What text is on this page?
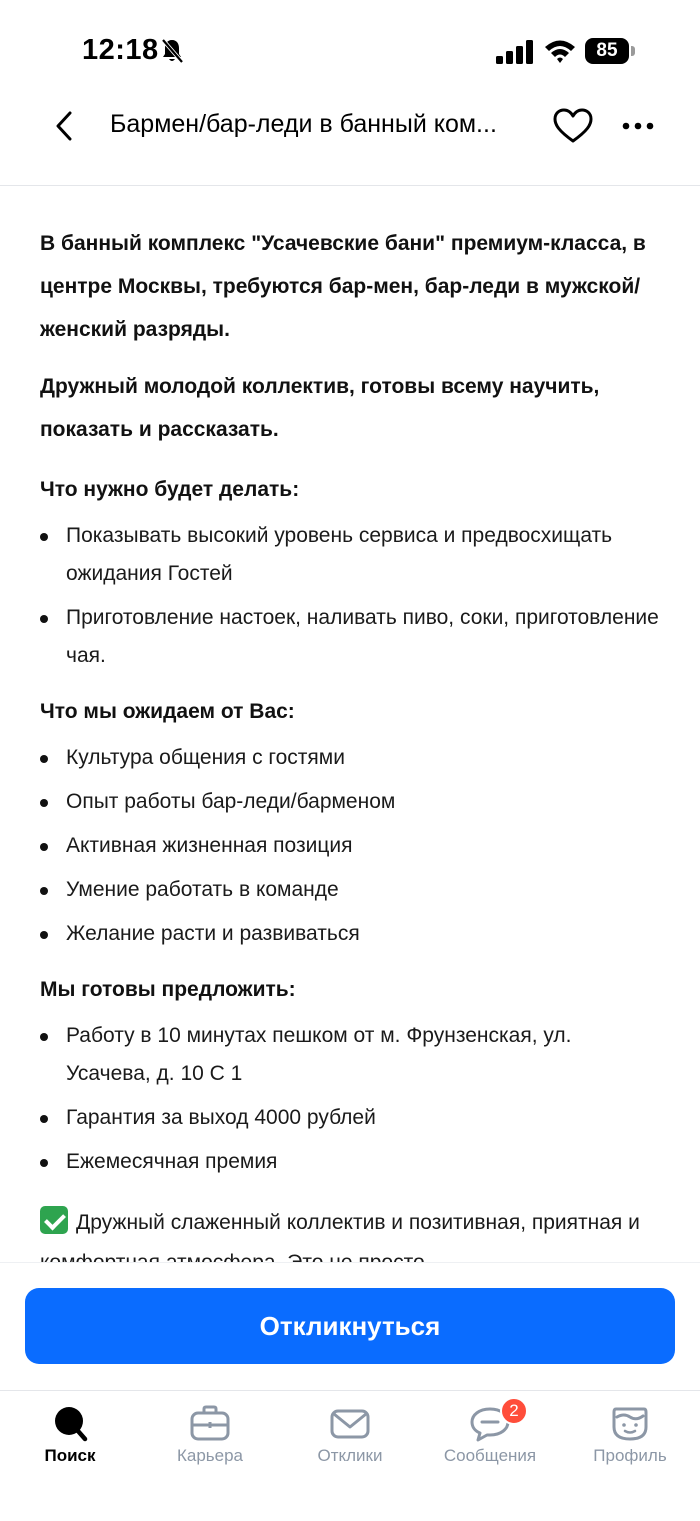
12:18	85
Бармен/бар-леди в банный ком...

В банный комплекс "Усачевские бани" премиум-класса, в центре Москвы, требуются бар-мен, бар-леди в мужской/женский разряды.

Дружный молодой коллектив, готовы всему научить, показать и рассказать.

Что нужно будет делать:
Показывать высокий уровень сервиса и предвосхищать ожидания Гостей
Приготовление настоек, наливать пиво, соки, приготовление чая.
Что мы ожидаем от Вас:
Культура общения с гостями
Опыт работы бар-леди/барменом
Активная жизненная позиция
Умение работать в команде
Желание расти и развиваться
Мы готовы предложить:
Работу в 10 минутах пешком от м. Фрунзенская, ул. Усачева, д. 10 С 1
Гарантия за выход 4000 рублей
Ежемесячная премия

Дружный слаженный коллектив и позитивная, приятная и

Откликнуться
Поиск	Карьера	Отклики	Сообщения
2
Профиль
